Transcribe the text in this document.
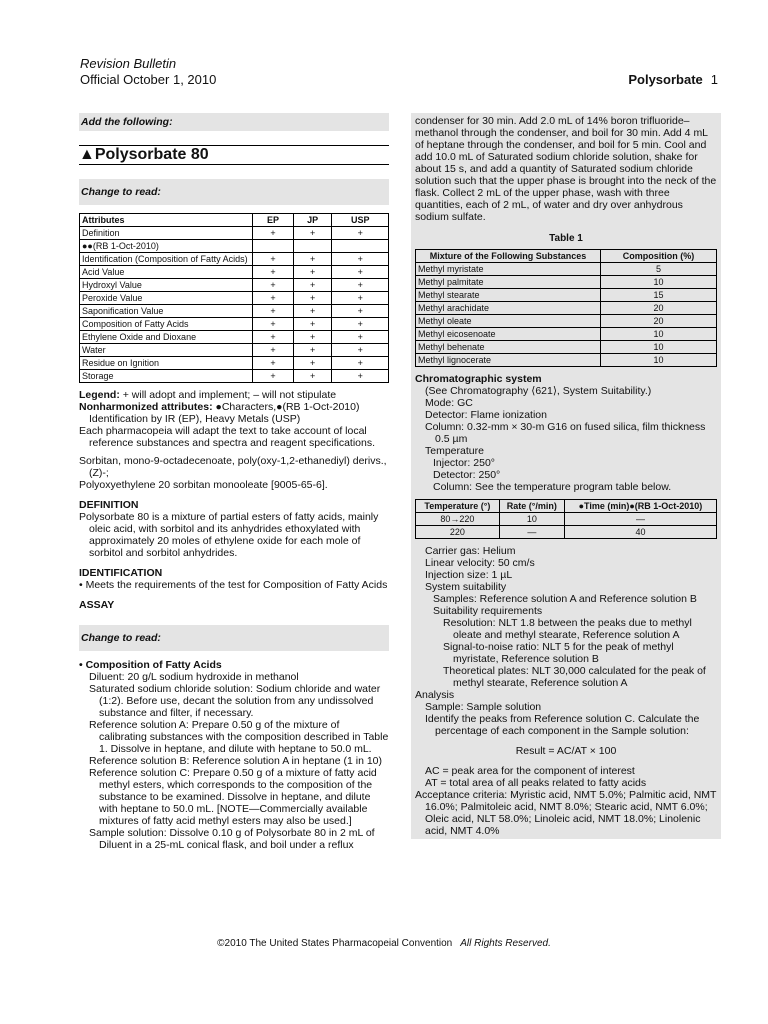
Revision Bulletin
Official October 1, 2010	Polysorbate 1
Add the following:
▲Polysorbate 80
Change to read:
Attributes	EP	JP	USP
Definition	+	+	+
●●(RB 1-Oct-2010)			
Identification (Composition of Fatty Acids)	+	+	+
Acid Value	+	+	+
Hydroxyl Value	+	+	+
Peroxide Value	+	+	+
Saponification Value	+	+	+
Composition of Fatty Acids	+	+	+
Ethylene Oxide and Dioxane	+	+	+
Water	+	+	+
Residue on Ignition	+	+	+
Storage	+	+	+

Legend: + will adopt and implement; – will not stipulate

Nonharmonized attributes: ●Characters,●(RB 1-Oct-2010) Identification by IR (EP), Heavy Metals (USP)

Each pharmacopeia will adapt the text to take account of local reference substances and spectra and reagent specifications.

Sorbitan, mono-9-octadecenoate, poly(oxy-1,2-ethanediyl) derivs., (Z)-;

Polyoxyethylene 20 sorbitan monooleate [9005-65-6].

DEFINITION

Polysorbate 80 is a mixture of partial esters of fatty acids, mainly oleic acid, with sorbitol and its anhydrides ethoxylated with approximately 20 moles of ethylene oxide for each mole of sorbitol and sorbitol anhydrides.

IDENTIFICATION

• Meets the requirements of the test for Composition of Fatty Acids

ASSAY

Change to read:

• Composition of Fatty Acids

Diluent: 20 g/L sodium hydroxide in methanol

Saturated sodium chloride solution: Sodium chloride and water (1:2). Before use, decant the solution from any undissolved substance and filter, if necessary.

Reference solution A: Prepare 0.50 g of the mixture of calibrating substances with the composition described in Table 1. Dissolve in heptane, and dilute with heptane to 50.0 mL.

Reference solution B: Reference solution A in heptane (1 in 10)

Reference solution C: Prepare 0.50 g of a mixture of fatty acid methyl esters, which corresponds to the composition of the substance to be examined. Dissolve in heptane, and dilute with heptane to 50.0 mL. [NOTE—Commercially available mixtures of fatty acid methyl esters may also be used.]

Sample solution: Dissolve 0.10 g of Polysorbate 80 in 2 mL of Diluent in a 25-mL conical flask, and boil under a reflux

condenser for 30 min. Add 2.0 mL of 14% boron trifluoride–methanol through the condenser, and boil for 30 min. Add 4 mL of heptane through the condenser, and boil for 5 min. Cool and add 10.0 mL of Saturated sodium chloride solution, shake for about 15 s, and add a quantity of Saturated sodium chloride solution such that the upper phase is brought into the neck of the flask. Collect 2 mL of the upper phase, wash with three quantities, each of 2 mL, of water and dry over anhydrous sodium sulfate.

Table 1
Mixture of the Following Substances	Composition (%)
Methyl myristate	5
Methyl palmitate	10
Methyl stearate	15
Methyl arachidate	20
Methyl oleate	20
Methyl eicosenoate	10
Methyl behenate	10
Methyl lignocerate	10

Chromatographic system

(See Chromatography ⟨621⟩, System Suitability.)

Mode: GC

Detector: Flame ionization

Column: 0.32-mm × 30-m G16 on fused silica, film thickness 0.5 µm

Temperature

Injector: 250°

Detector: 250°

Column: See the temperature program table below.

Temperature (°)	Rate (°/min)	●Time (min)●(RB 1-Oct-2010)
80→220	10	—
220	—	40

Carrier gas: Helium

Linear velocity: 50 cm/s

Injection size: 1 µL

System suitability

Samples: Reference solution A and Reference solution B

Suitability requirements

Resolution: NLT 1.8 between the peaks due to methyl oleate and methyl stearate, Reference solution A

Signal-to-noise ratio: NLT 5 for the peak of methyl myristate, Reference solution B

Theoretical plates: NLT 30,000 calculated for the peak of methyl stearate, Reference solution A

Analysis

Sample: Sample solution

Identify the peaks from Reference solution C. Calculate the percentage of each component in the Sample solution:

Result = AC/AT × 100

AC = peak area for the component of interest

AT = total area of all peaks related to fatty acids

Acceptance criteria: Myristic acid, NMT 5.0%; Palmitic acid, NMT 16.0%; Palmitoleic acid, NMT 8.0%; Stearic acid, NMT 6.0%; Oleic acid, NLT 58.0%; Linoleic acid, NMT 18.0%; Linolenic acid, NMT 4.0%

©2010 The United States Pharmacopeial Convention All Rights Reserved.
